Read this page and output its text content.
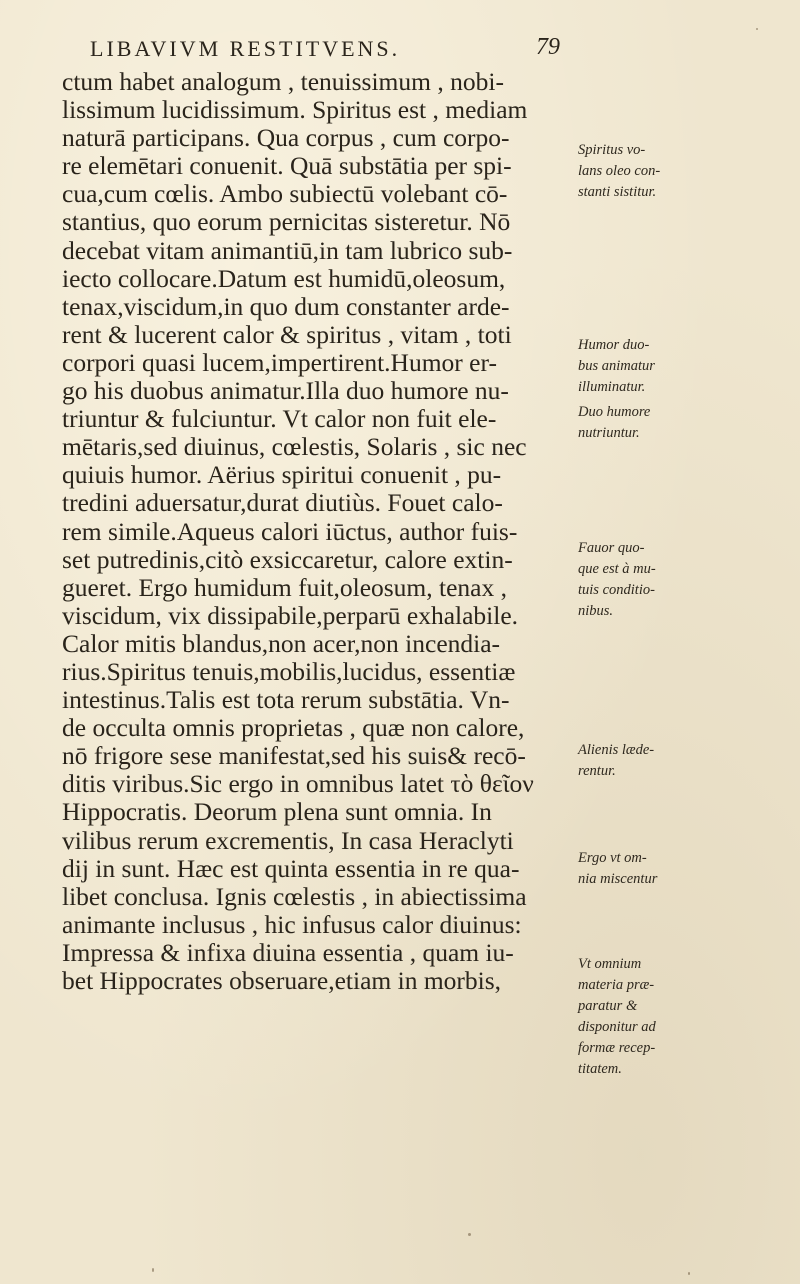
LIBAVIVM RESTITVENS.	79
ctum habet analogum , tenuissimum , nobi-
lissimum lucidissimum. Spiritus est , mediam
naturā participans. Qua corpus , cum corpo-
re elemētari conuenit. Quā substātia per spi-
cua,cum cœlis. Ambo subiectū volebant cō-
stantius, quo eorum pernicitas sisteretur. Nō
decebat vitam animantiū,in tam lubrico sub-
iecto collocare.Datum est humidū,oleosum,
tenax,viscidum,in quo dum constanter arde-
rent & lucerent calor & spiritus , vitam , toti
corpori quasi lucem,impertirent.Humor er-
go his duobus animatur.Illa duo humore nu-
triuntur & fulciuntur. Vt calor non fuit ele-
mētaris,sed diuinus, cœlestis, Solaris , sic nec
quiuis humor. Aërius spiritui conuenit , pu-
tredini aduersatur,durat diutiùs. Fouet calo-
rem simile.Aqueus calori iūctus, author fuis-
set putredinis,citò exsiccaretur, calore extin-
gueret. Ergo humidum fuit,oleosum, tenax ,
viscidum, vix dissipabile,perparū exhalabile.
Calor mitis blandus,non acer,non incendia-
rius.Spiritus tenuis,mobilis,lucidus, essentiæ
intestinus.Talis est tota rerum substātia. Vn-
de occulta omnis proprietas , quæ non calore,
nō frigore sese manifestat,sed his suis& recō-
ditis viribus.Sic ergo in omnibus latet τὸ θεῖον
Hippocratis. Deorum plena sunt omnia. In
vilibus rerum excrementis, In casa Heraclyti
dij in sunt. Hæc est quinta essentia in re qua-
libet conclusa. Ignis cœlestis , in abiectissima
animante inclusus , hic infusus calor diuinus:
Impressa & infixa diuina essentia , quam iu-
bet Hippocrates obseruare,etiam in morbis,
Spiritus vo-
lans oleo con-
stanti sistitur.
Humor duo-
bus animatur
illuminatur.
Duo humore
nutriuntur.
Fauor quo-
que est à mu-
tuis conditio-
nibus.
Alienis læde-
rentur.
Ergo vt om-
nia miscentur
Vt omnium
materia præ-
paratur &
disponitur ad
formæ recep-
titatem.
